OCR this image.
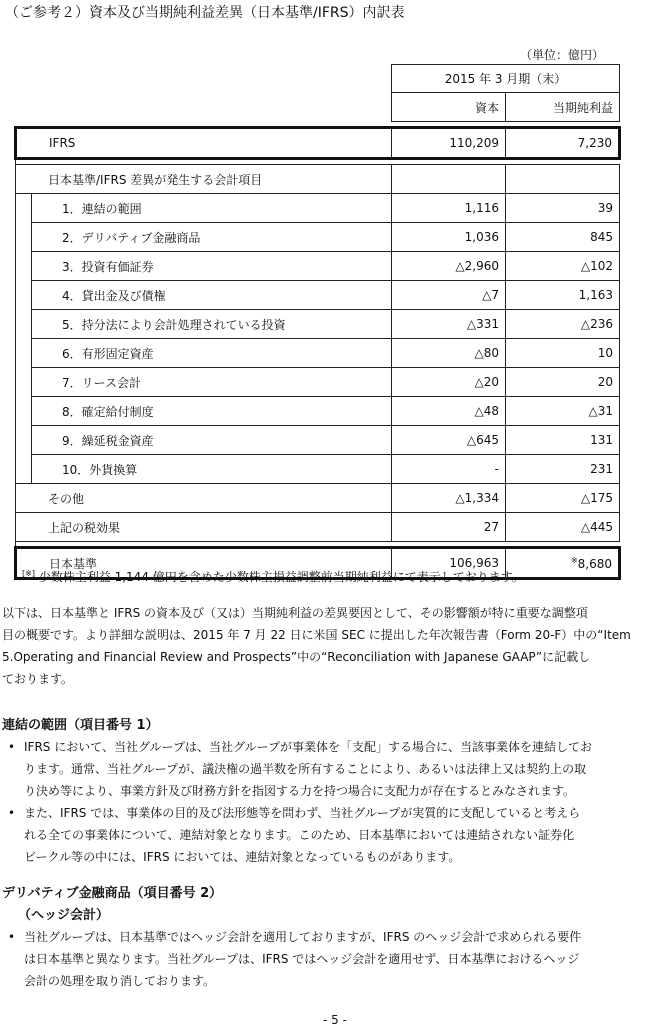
（ご参考２）資本及び当期純利益差異（日本基準/IFRS）内訳表
（単位：億円）
		2015 年 3 月期（末）	
		資本	当期純利益

IFRS		110,209	7,230

日本基準/IFRS 差異が発生する会計項目			
	1．連結の範囲	1,116	39
	2．デリバティブ金融商品	1,036	845
	3．投資有価証券	△2,960	△102
	4．貸出金及び債権	△7	1,163
	5．持分法により会計処理されている投資	△331	△236
	6．有形固定資産	△80	10
	7．リース会計	△20	20
	8．確定給付制度	△48	△31
	9．繰延税金資産	△645	131
	10．外貨換算	-	231
その他		△1,334	△175
上記の税効果		27	△445

日本基準		106,963	※8,680
[※] 少数株主利益 1,144 億円を含めた少数株主損益調整前当期純利益にて表示しております。
以下は、日本基準と IFRS の資本及び（又は）当期純利益の差異要因として、その影響額が特に重要な調整項
目の概要です。より詳細な説明は、2015 年 7 月 22 日に米国 SEC に提出した年次報告書（Form 20-F）中の“Item
5.Operating and Financial Review and Prospects”中の“Reconciliation with Japanese GAAP”に記載し
ております。
連結の範囲（項目番号 1）
• IFRS において、当社グループは、当社グループが事業体を「支配」する場合に、当該事業体を連結してお
ります。通常、当社グループが、議決権の過半数を所有することにより、あるいは法律上又は契約上の取
り決め等により、事業方針及び財務方針を指図する力を持つ場合に支配力が存在するとみなされます。
• また、IFRS では、事業体の目的及び法形態等を問わず、当社グループが実質的に支配していると考えら
れる全ての事業体について、連結対象となります。このため、日本基準においては連結されない証券化
ビークル等の中には、IFRS においては、連結対象となっているものがあります。
デリバティブ金融商品（項目番号 2）
（ヘッジ会計）
• 当社グループは、日本基準ではヘッジ会計を適用しておりますが、IFRS のヘッジ会計で求められる要件
は日本基準と異なります。当社グループは、IFRS ではヘッジ会計を適用せず、日本基準におけるヘッジ
会計の処理を取り消しております。
- 5 -
